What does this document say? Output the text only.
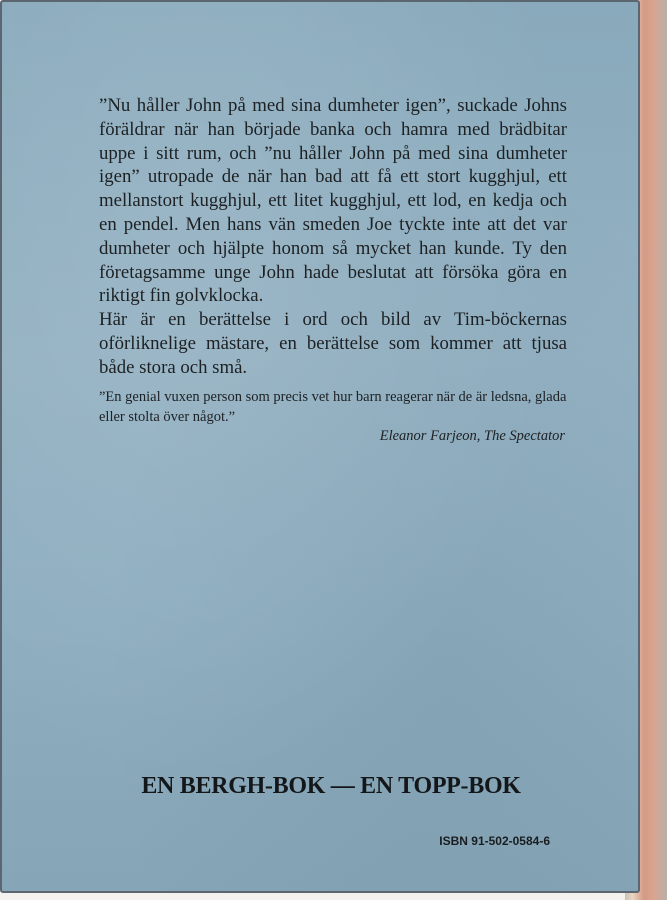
”Nu håller John på med sina dumheter igen”, suckade Johns föräldrar när han började banka och hamra med brädbitar uppe i sitt rum, och ”nu håller John på med sina dumheter igen” utropade de när han bad att få ett stort kugghjul, ett mellanstort kugghjul, ett litet kugghjul, ett lod, en kedja och en pendel. Men hans vän smeden Joe tyckte inte att det var dumheter och hjälpte honom så mycket han kunde. Ty den företagsamme unge John hade beslutat att försöka göra en riktigt fin golvklocka.

Här är en berättelse i ord och bild av Tim-böckernas oförliknelige mästare, en berättelse som kommer att tjusa både stora och små.

”En genial vuxen person som precis vet hur barn reagerar när de är ledsna, glada eller stolta över något.”

Eleanor Farjeon, The Spectator

EN BERGH-BOK — EN TOPP-BOK

ISBN 91-502-0584-6
